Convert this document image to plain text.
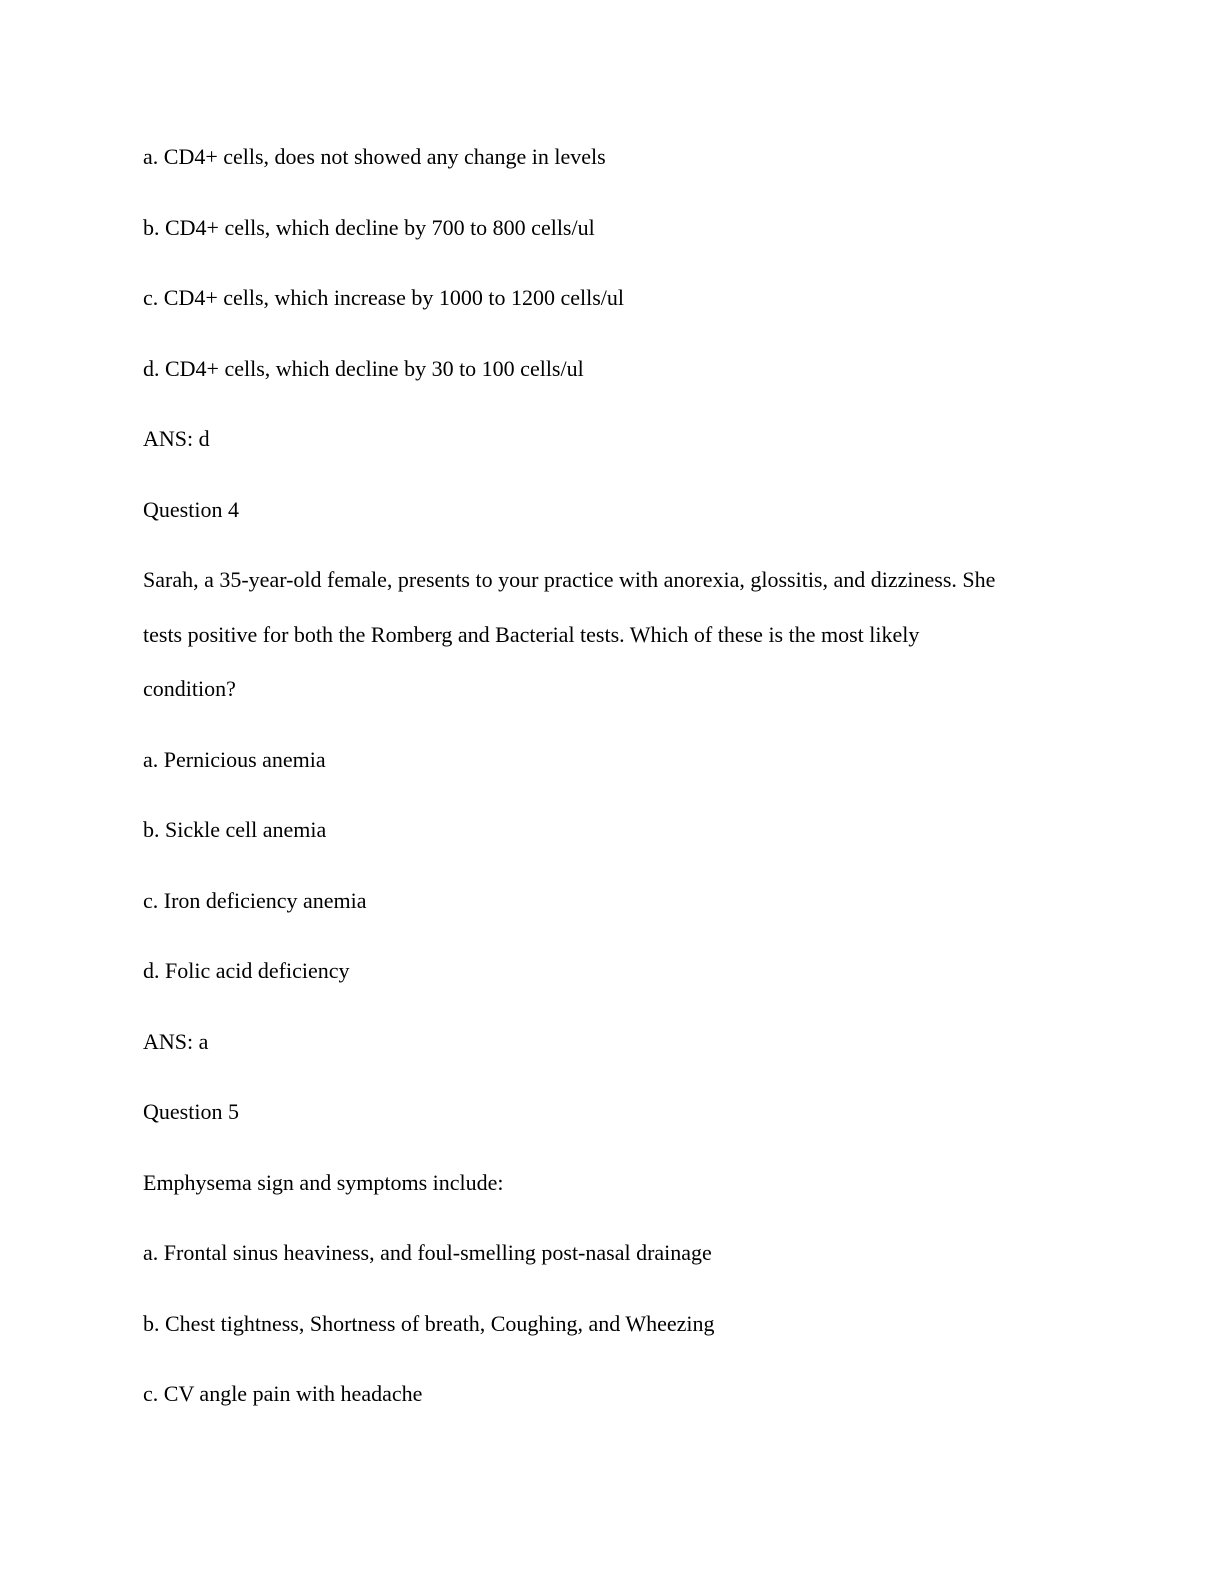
a. CD4+ cells, does not showed any change in levels
b. CD4+ cells, which decline by 700 to 800 cells/ul
c. CD4+ cells, which increase by 1000 to 1200 cells/ul
d. CD4+ cells, which decline by 30 to 100 cells/ul
ANS: d
Question 4
Sarah, a 35-year-old female, presents to your practice with anorexia, glossitis, and dizziness. She
tests positive for both the Romberg and Bacterial tests. Which of these is the most likely
condition?
a. Pernicious anemia
b. Sickle cell anemia
c. Iron deficiency anemia
d. Folic acid deficiency
ANS: a
Question 5
Emphysema sign and symptoms include:
a. Frontal sinus heaviness, and foul-smelling post-nasal drainage
b. Chest tightness, Shortness of breath, Coughing, and Wheezing
c. CV angle pain with headache
